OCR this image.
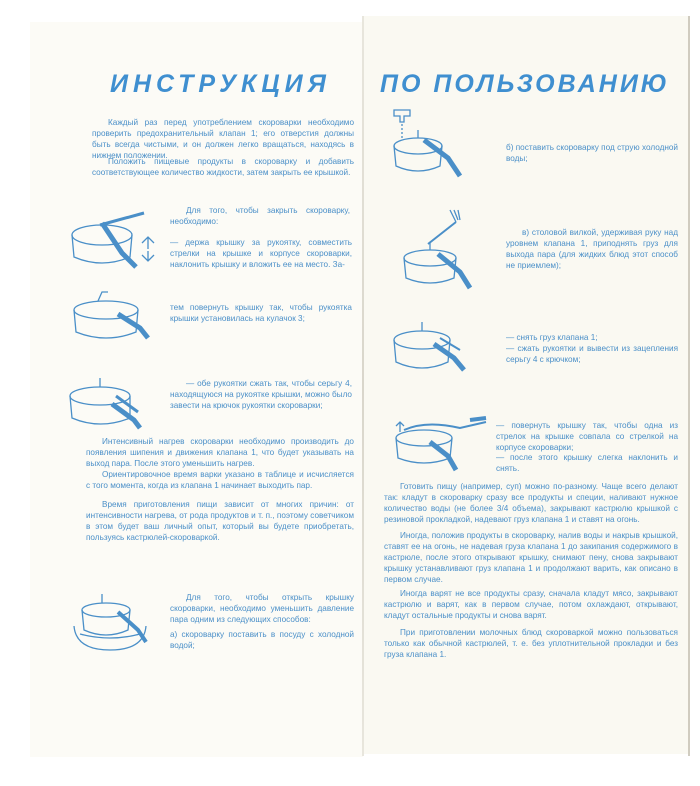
ИНСТРУКЦИЯ	ПО ПОЛЬЗОВАНИЮ
Каждый раз перед употреблением скороварки необходимо проверить предохранительный клапан 1; его отверстия должны быть всегда чистыми, и он должен легко вращаться, находясь в нижнем положении.
Положить пищевые продукты в скороварку и добавить соответствующее количество жидкости, затем закрыть ее крышкой.
Для того, чтобы закрыть скороварку, необходимо:
— держа крышку за рукоятку, совместить стрелки на крышке и корпусе скороварки, наклонить крышку и вложить ее на место. За-
тем повернуть крышку так, чтобы рукоятка крышки установилась на кулачок 3;
— обе рукоятки сжать так, чтобы серьгу 4, находящуюся на рукоятке крышки, можно было завести на крючок рукоятки скороварки;
Интенсивный нагрев скороварки необходимо производить до появления шипения и движения клапана 1, что будет указывать на выход пара. После этого уменьшить нагрев.
Ориентировочное время варки указано в таблице и исчисляется с того момента, когда из клапана 1 начинает выходить пар.
Время приготовления пищи зависит от многих причин: от интенсивности нагрева, от рода продуктов и т. п., поэтому советчиком в этом будет ваш личный опыт, который вы будете приобретать, пользуясь кастрюлей-скороваркой.
Для того, чтобы открыть крышку скороварки, необходимо уменьшить давление пара одним из следующих способов:
а) скороварку поставить в посуду с холодной водой;
б) поставить скороварку под струю холодной воды;
в) столовой вилкой, удерживая руку над уровнем клапана 1, приподнять груз для выхода пара (для жидких блюд этот способ не приемлем);
— снять груз клапана 1;
— сжать рукоятки и вывести из зацепления серьгу 4 с крючком;
— повернуть крышку так, чтобы одна из стрелок на крышке совпала со стрелкой на корпусе скороварки;
— после этого крышку слегка наклонить и снять.
Готовить пищу (например, суп) можно по-разному. Чаще всего делают так: кладут в скороварку сразу все продукты и специи, наливают нужное количество воды (не более 3/4 объема), закрывают кастрюлю крышкой с резиновой прокладкой, надевают груз клапана 1 и ставят на огонь.
Иногда, положив продукты в скороварку, налив воды и накрыв крышкой, ставят ее на огонь, не надевая груза клапана 1 до закипания содержимого в кастрюле, после этого открывают крышку, снимают пену, снова закрывают крышку устанавливают груз клапана 1 и продолжают варить, как описано в первом случае.
Иногда варят не все продукты сразу, сначала кладут мясо, закрывают кастрюлю и варят, как в первом случае, потом охлаждают, открывают, кладут остальные продукты и снова варят.
При приготовлении молочных блюд скороваркой можно пользоваться только как обычной кастрюлей, т. е. без уплотнительной прокладки и без груза клапана 1.
